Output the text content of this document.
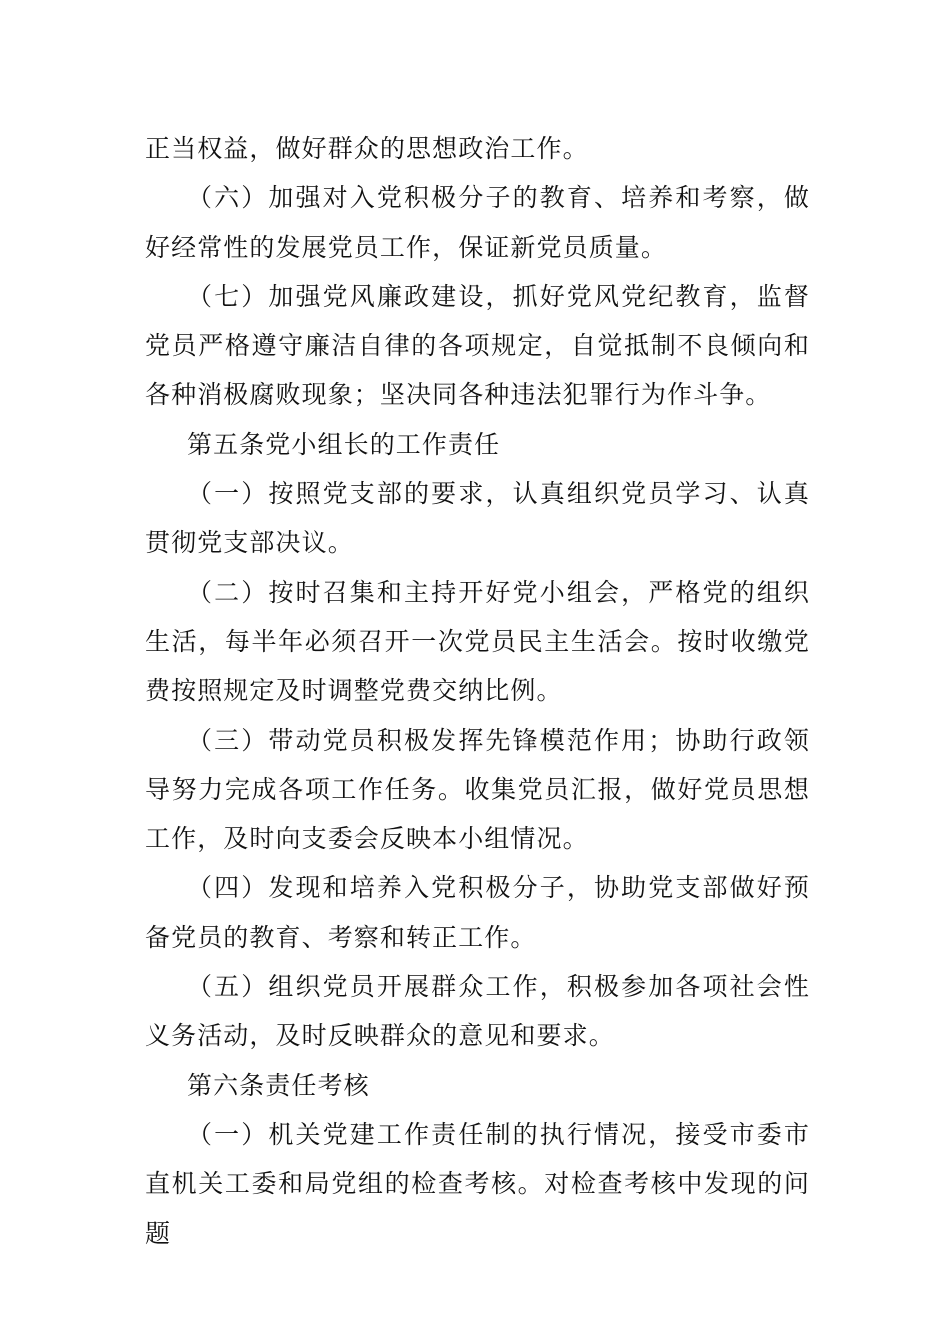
正当权益，做好群众的思想政治工作。

（六）加强对入党积极分子的教育、培养和考察，做好经常性的发展党员工作，保证新党员质量。

（七）加强党风廉政建设，抓好党风党纪教育，监督党员严格遵守廉洁自律的各项规定，自觉抵制不良倾向和各种消极腐败现象；坚决同各种违法犯罪行为作斗争。

第五条党小组长的工作责任

（一）按照党支部的要求，认真组织党员学习、认真贯彻党支部决议。

（二）按时召集和主持开好党小组会，严格党的组织生活，每半年必须召开一次党员民主生活会。按时收缴党费按照规定及时调整党费交纳比例。

（三）带动党员积极发挥先锋模范作用；协助行政领导努力完成各项工作任务。收集党员汇报，做好党员思想工作，及时向支委会反映本小组情况。

（四）发现和培养入党积极分子，协助党支部做好预备党员的教育、考察和转正工作。

（五）组织党员开展群众工作，积极参加各项社会性义务活动，及时反映群众的意见和要求。

第六条责任考核

（一）机关党建工作责任制的执行情况，接受市委市直机关工委和局党组的检查考核。对检查考核中发现的问题
